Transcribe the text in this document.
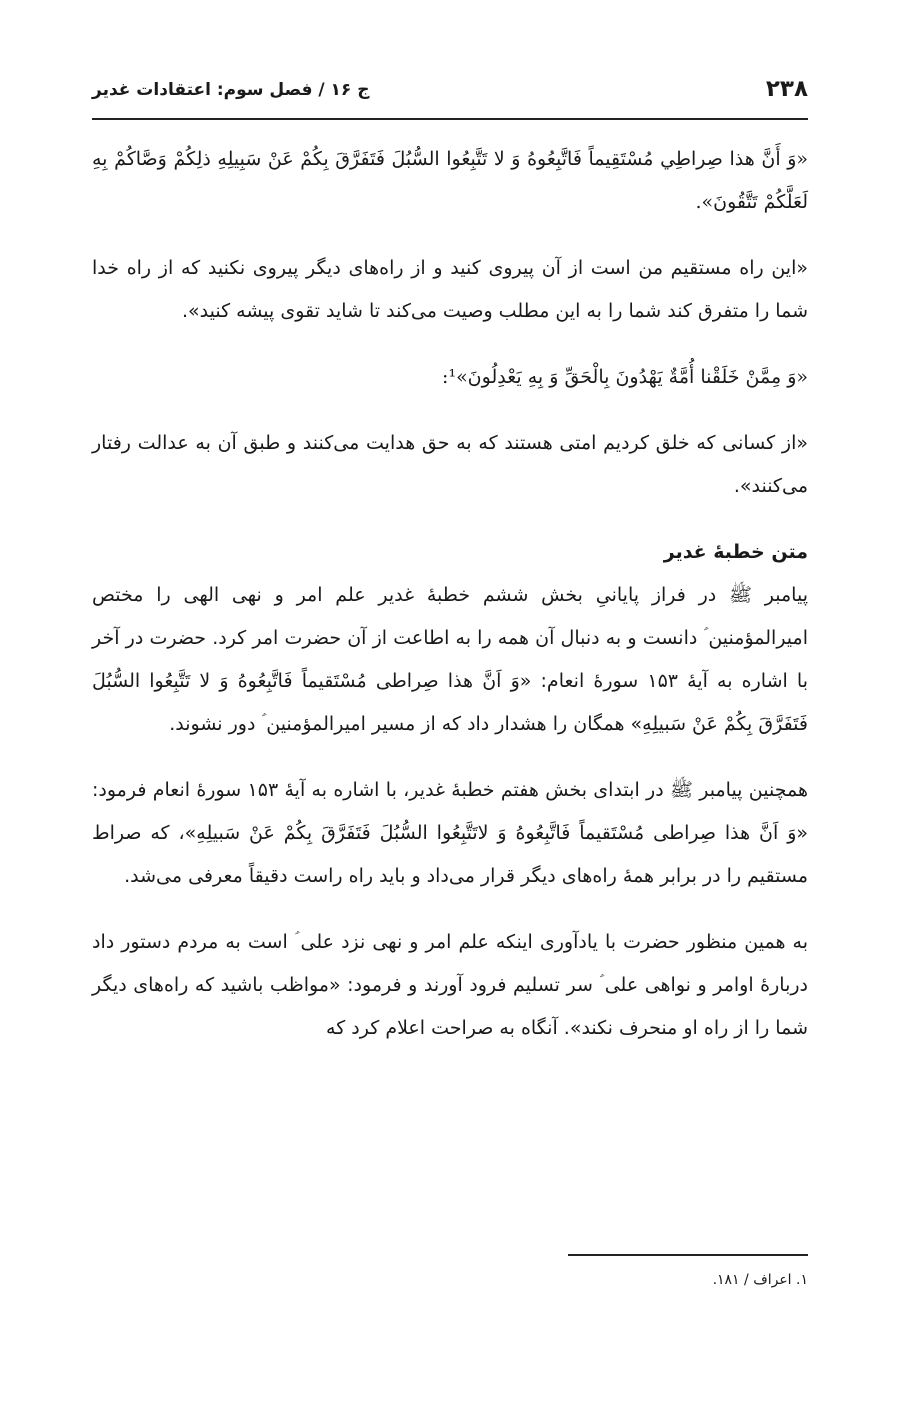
۲۳۸
ج ۱۶ / فصل سوم: اعتقادات غدیر

«وَ أَنَّ هذا صِراطِي مُسْتَقِيماً فَاتَّبِعُوهُ وَ لا تَتَّبِعُوا السُّبُلَ فَتَفَرَّقَ بِكُمْ عَنْ سَبِيلِهِ ذلِكُمْ وَصَّاكُمْ بِهِ لَعَلَّكُمْ تَتَّقُونَ».

«این راه مستقیم من است از آن پیروی کنید و از راه‌های دیگر پیروی نکنید که از راه خدا شما را متفرق کند شما را به این مطلب وصیت می‌کند تا شاید تقوی پیشه کنید».

«وَ مِمَّنْ خَلَقْنا أُمَّةٌ يَهْدُونَ بِالْحَقِّ وَ بِهِ يَعْدِلُونَ»¹:

«از کسانی که خلق کردیم امتی هستند که به حق هدایت می‌کنند و طبق آن به عدالت رفتار می‌کنند».

متن خطبۀ غدیر

پیامبر ﷺ در فراز پایانیِ بخش ششم خطبۀ غدیر علم امر و نهی الهی را مختص امیرالمؤمنین ؑ دانست و به دنبال آن همه را به اطاعت از آن حضرت امر کرد. حضرت در آخر با اشاره به آیۀ ۱۵۳ سورۀ انعام: «وَ اَنَّ هذا صِراطی مُسْتَقیماً فَاتَّبِعُوهُ وَ لا تَتَّبِعُوا السُّبُلَ فَتَفَرَّقَ بِكُمْ عَنْ سَبیلِهِ» همگان را هشدار داد که از مسیر امیرالمؤمنین ؑ دور نشوند.

همچنین پیامبر ﷺ در ابتدای بخش هفتم خطبۀ غدیر، با اشاره به آیۀ ۱۵۳ سورۀ انعام فرمود: «وَ اَنَّ هذا صِراطی مُسْتَقیماً فَاتَّبِعُوهُ وَ لاتَتَّبِعُوا السُّبُلَ فَتَفَرَّقَ بِكُمْ عَنْ سَبیلِهِ»، که صراط مستقیم را در برابر همۀ راه‌های دیگر قرار می‌داد و باید راه راست دقیقاً معرفی می‌شد.

به همین منظور حضرت با یادآوری اینکه علم امر و نهی نزد علی ؑ است به مردم دستور داد دربارۀ اوامر و نواهی علی ؑ سر تسلیم فرود آورند و فرمود: «مواظب باشید که راه‌های دیگر شما را از راه او منحرف نکند». آنگاه به صراحت اعلام کرد که

۱. اعراف / ۱۸۱.
